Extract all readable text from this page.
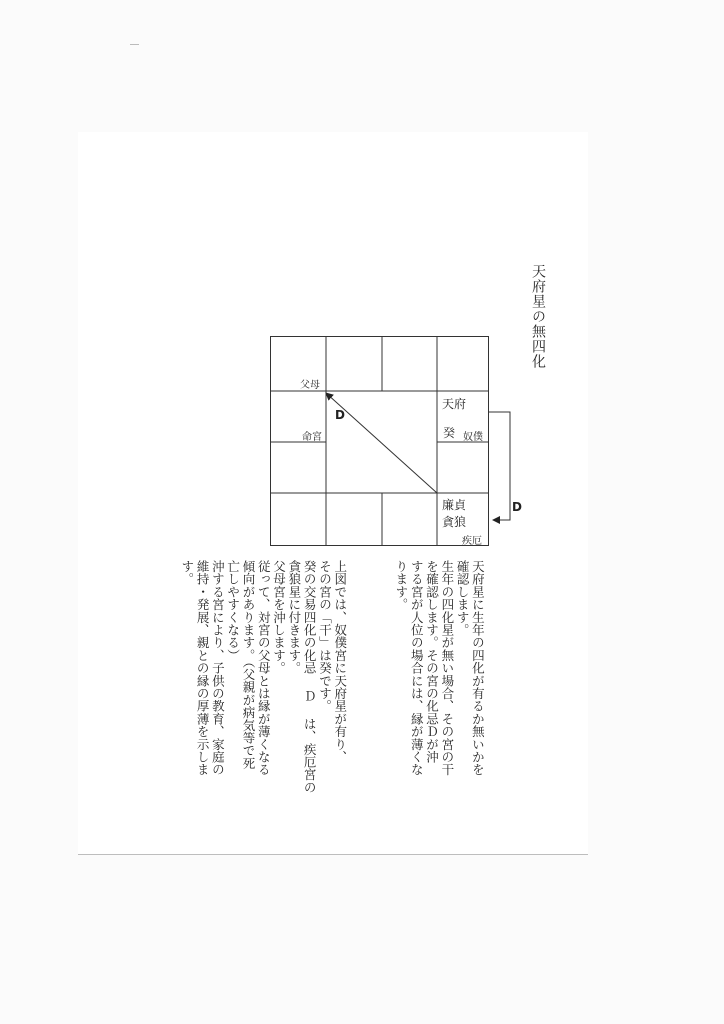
天府星の無四化
父母
命宮
D
天府
癸 奴僕
廉貞
貪狼
疾厄
D

天府星に生年の四化が有るか無いかを
確認します。
生年の四化星が無い場合、その宮の干
を確認します。その宮の化忌Ｄが沖
する宮が人位の場合には、縁が薄くな
ります。

上図では、奴僕宮に天府星が有り、
その宮の「干」は癸です。
癸の交易四化の化忌 Ｄ は、疾厄宮の
貪狼星に付きます。
父母宮を沖します。
従って、対宮の父母とは縁が薄くなる
傾向があります。（父親が病気等で死
亡しやすくなる）
沖する宮により、子供の教育、家庭の
維持・発展、親との縁の厚薄を示しま
す。
